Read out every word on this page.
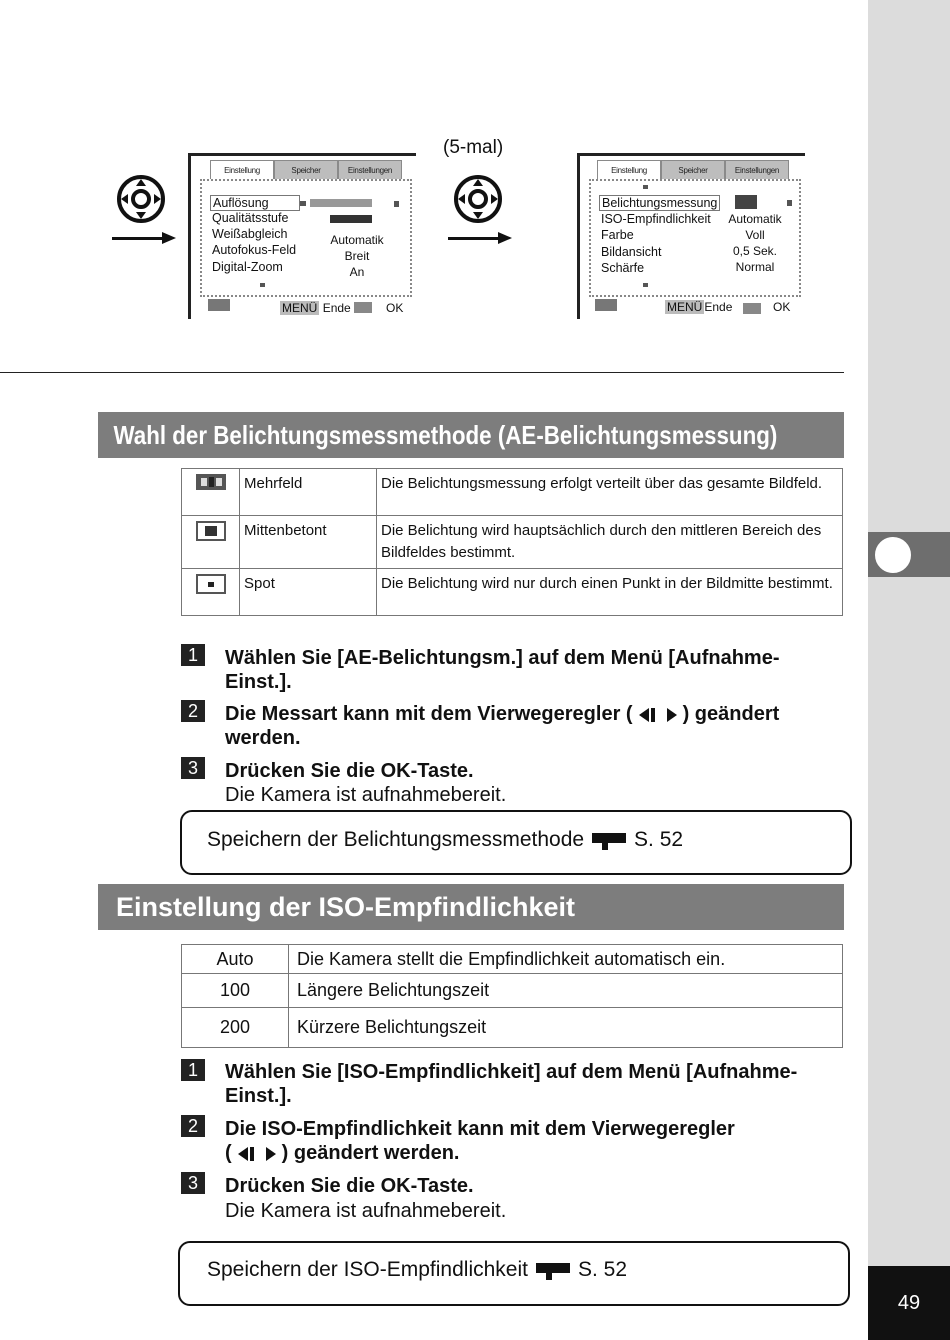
49
(5-mal)
Einstellung	Speicher	Einstellungen
Auflösung
Qualitätsstufe
Weißabgleich
Autofokus-Feld
Digital-Zoom
Automatik
Breit
An
MENÜ Ende	OK
Einstellung	Speicher	Einstellungen
Belichtungsmessung
ISO-Empfindlichkeit
Farbe
Bildansicht
Schärfe
Automatik
Voll
0,5 Sek.
Normal
MENÜ Ende	OK
Wahl der Belichtungsmessmethode (AE-Belichtungsmessung)
	Mehrfeld	Die Belichtungsmessung erfolgt verteilt über das gesamte Bildfeld.
	Mittenbetont	Die Belichtung wird hauptsächlich durch den mittleren Bereich des Bildfeldes bestimmt.
	Spot	Die Belichtung wird nur durch einen Punkt in der Bildmitte bestimmt.
1	Wählen Sie [AE-Belichtungsm.] auf dem Menü [Aufnahme-Einst.].
2	Die Messart kann mit dem Vierwegeregler (	) geändert werden.
3	Drücken Sie die OK-Taste.
Die Kamera ist aufnahmebereit.
Speichern der Belichtungsmessmethode S. 52
Einstellung der ISO-Empfindlichkeit
Auto	Die Kamera stellt die Empfindlichkeit automatisch ein.
100	Längere Belichtungszeit
200	Kürzere Belichtungszeit
1	Wählen Sie [ISO-Empfindlichkeit] auf dem Menü [Aufnahme-Einst.].
2	Die ISO-Empfindlichkeit kann mit dem Vierwegeregler
(	) geändert werden.
3	Drücken Sie die OK-Taste.
Die Kamera ist aufnahmebereit.
Speichern der ISO-Empfindlichkeit S. 52
